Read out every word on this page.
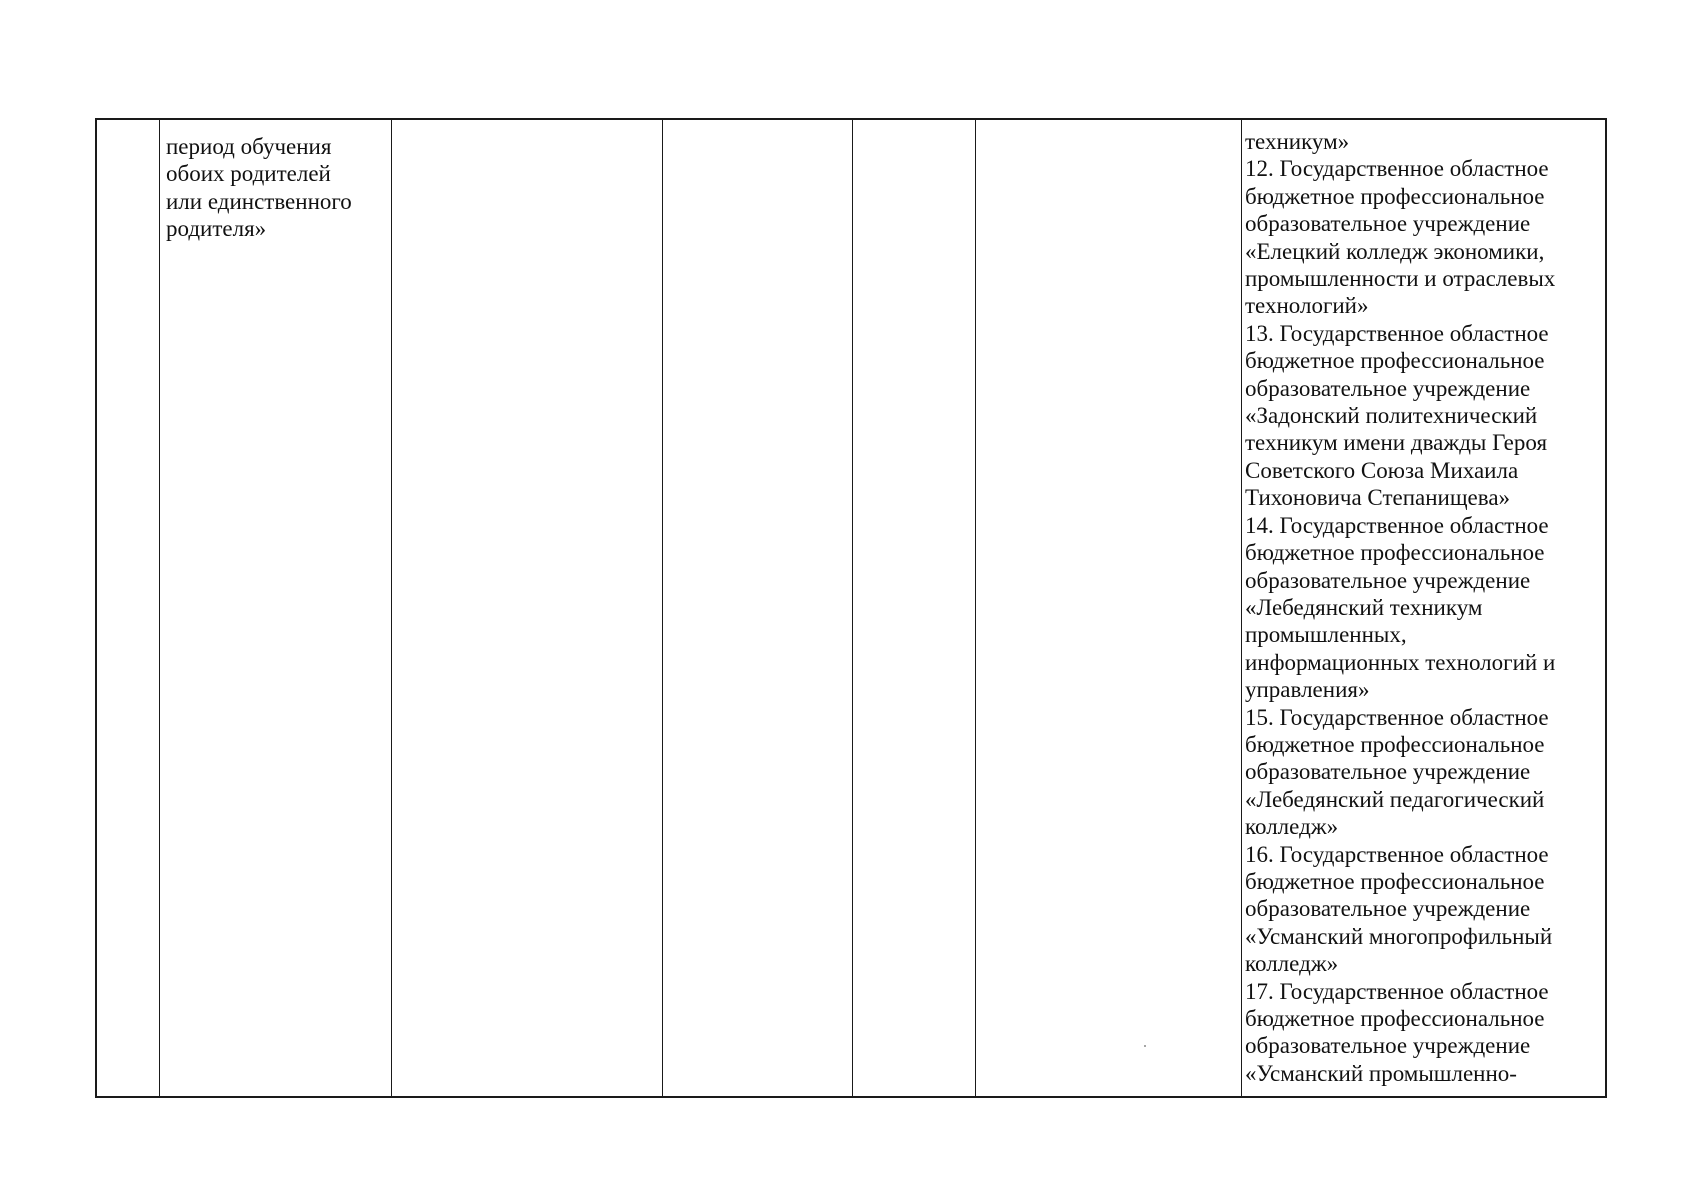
период обучения
обоих родителей
или единственного
родителя»
техникум»
12. Государственное областное
бюджетное профессиональное
образовательное учреждение
«Елецкий колледж экономики,
промышленности и отраслевых
технологий»
13. Государственное областное
бюджетное профессиональное
образовательное учреждение
«Задонский политехнический
техникум имени дважды Героя
Советского Союза Михаила
Тихоновича Степанищева»
14. Государственное областное
бюджетное профессиональное
образовательное учреждение
«Лебедянский техникум
промышленных,
информационных технологий и
управления»
15. Государственное областное
бюджетное профессиональное
образовательное учреждение
«Лебедянский педагогический
колледж»
16. Государственное областное
бюджетное профессиональное
образовательное учреждение
«Усманский многопрофильный
колледж»
17. Государственное областное
бюджетное профессиональное
образовательное учреждение
«Усманский промышленно-
